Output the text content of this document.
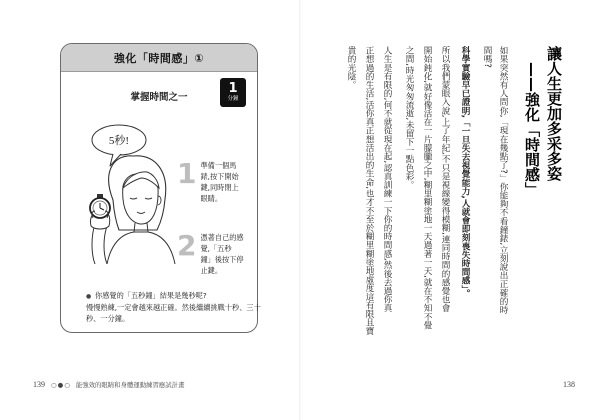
強化「時間感」①
掌握時間之一
1
分鐘
5秒!
1 準備一個馬
錶,按下開始
鍵,同時閉上
眼睛。
2 憑著自己的感
覺,「五秒
鐘」後按下停
止鍵。
● 你感覺的「五秒鐘」結果是幾秒呢?
慢慢熟練,一定會越來越正確。然後繼續挑戰十秒、三十
秒、一分鐘。
139 ○●○ 能強效的眼睛和身體運動練習應試計畫
讓人生更加多采多姿
——強化「時間感」
如果突然有人問你,「現在幾點了?」你能夠不看鐘錶,立刻說出正確的時
間嗎?
科學實驗早已證明,「一旦失去視覺能力,人就會即刻喪失時間感」。
所以我們蒙眼入說,上了年紀,不只是視線變得模糊,連同時間的感覺也會
開始鈍化,就好像活在一片朦朧之中,糊里糊塗地一天過著一天,就在不知不覺
之間,時光匆匆流逝,未留下一點色彩。
人生是有限的,何不就從現在起,認真訓練一下你的時間感,然後去過你真
正想過的生活,活你真正想活出的生命,也才不至於糊里糊塗地虛度這有限且寶
貴的光陰。
138
